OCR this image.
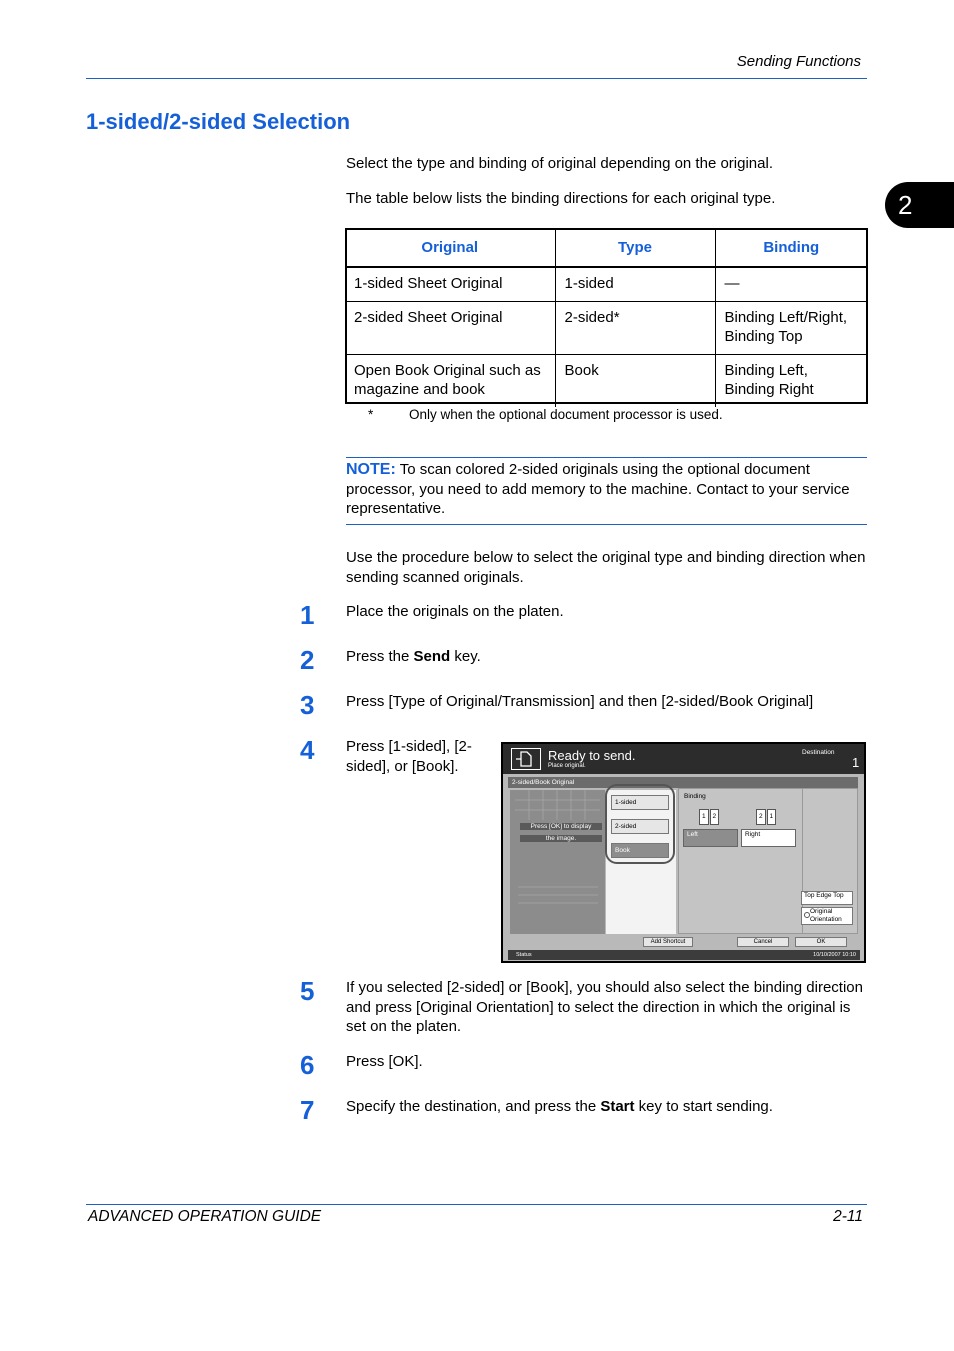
Sending Functions
2
1-sided/2-sided Selection
Select the type and binding of original depending on the original.
The table below lists the binding directions for each original type.
Original	Type	Binding
1-sided Sheet Original	1-sided	—
2-sided Sheet Original	2-sided*	Binding Left/Right, Binding Top
Open Book Original such as magazine and book	Book	Binding Left, Binding Right
*	Only when the optional document processor is used.
NOTE: To scan colored 2-sided originals using the optional document processor, you need to add memory to the machine. Contact to your service representative.
Use the procedure below to select the original type and binding direction when sending scanned originals.
1	Place the originals on the platen.
2	Press the Send key.
3	Press [Type of Original/Transmission] and then [2-sided/Book Original]
4	Press [1-sided], [2-sided], or [Book].
Ready to send.
Place original.
Destination
1
2-sided/Book Original
Press [OK] to display
the image.
1-sided
2-sided
Book
Binding
1	2	2	1
Left	Right
Top Edge Top
Original Orientation
Add Shortcut	Cancel	OK
Status	10/10/2007 10:10
5	If you selected [2-sided] or [Book], you should also select the binding direction and press [Original Orientation] to select the direction in which the original is set on the platen.
6	Press [OK].
7	Specify the destination, and press the Start key to start sending.
ADVANCED OPERATION GUIDE	2-11
